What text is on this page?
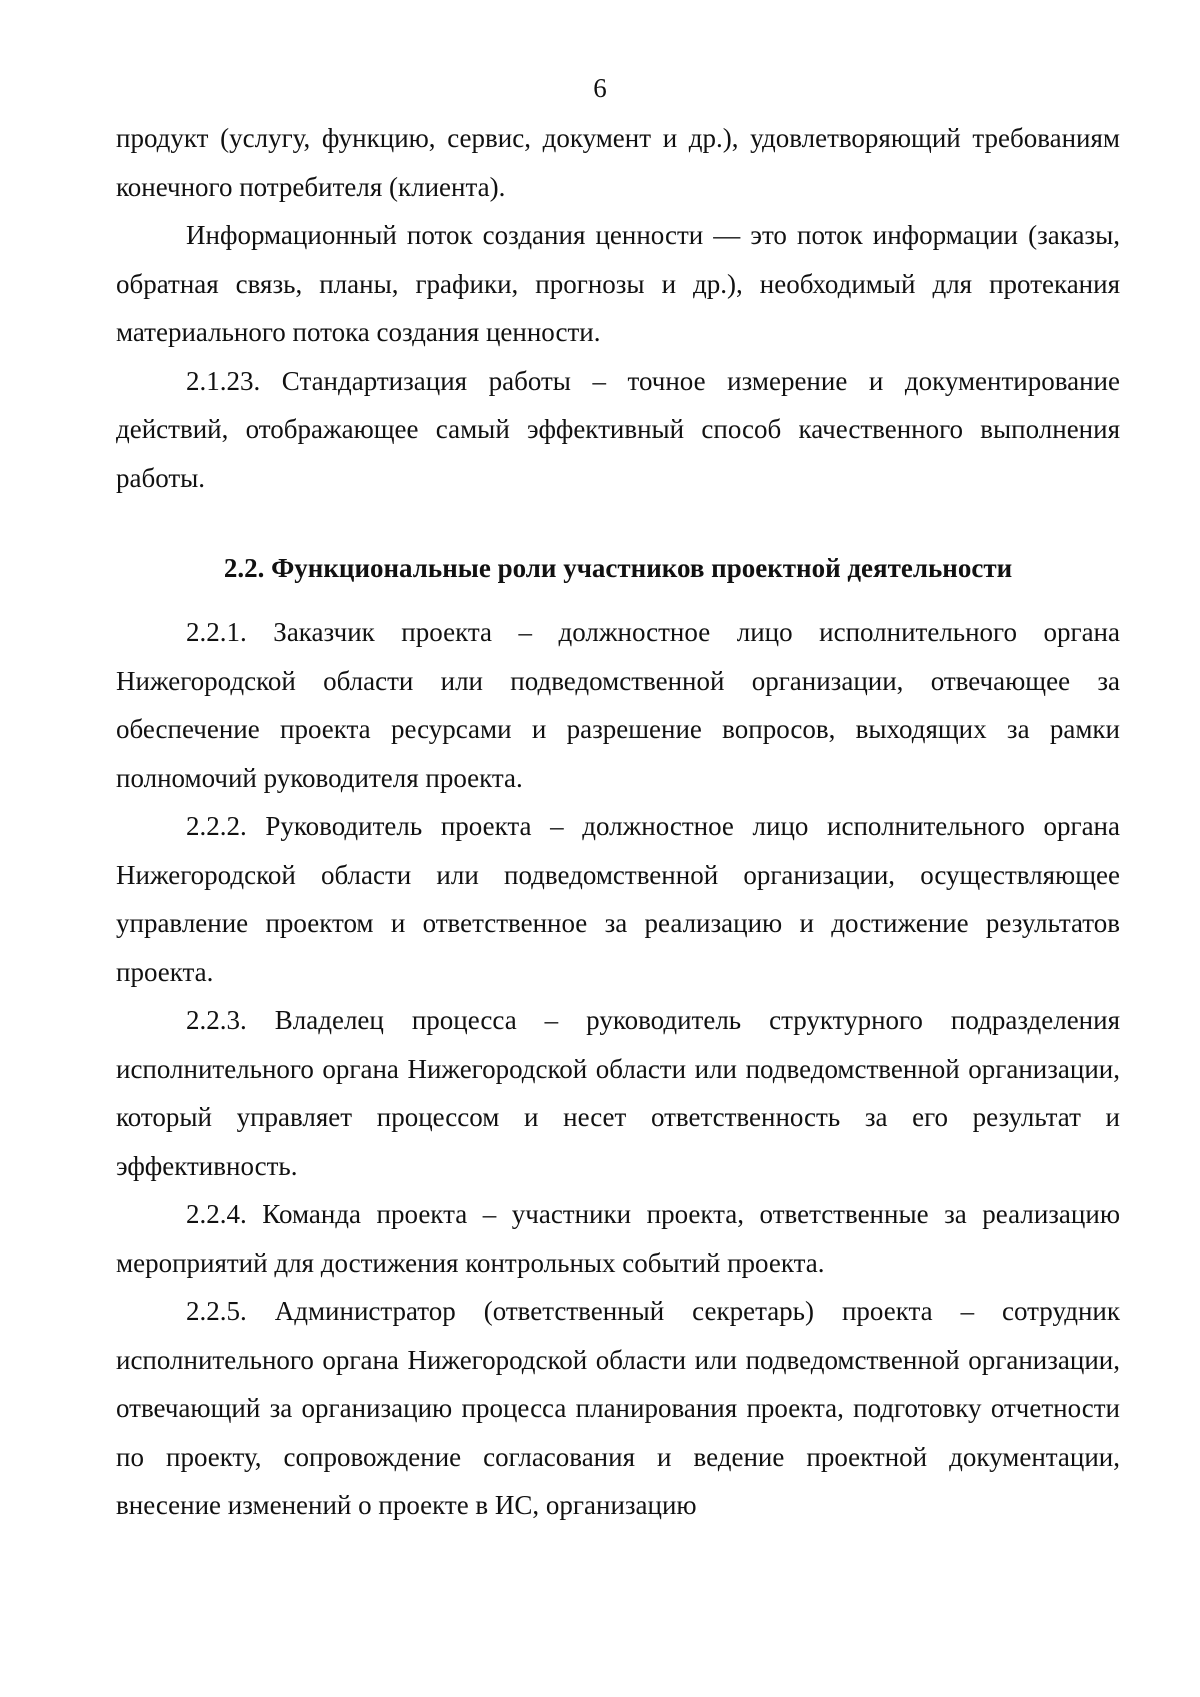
6

продукт (услугу, функцию, сервис, документ и др.), удовлетворяющий требованиям конечного потребителя (клиента).

Информационный поток создания ценности — это поток информации (заказы, обратная связь, планы, графики, прогнозы и др.), необходимый для протекания материального потока создания ценности.

2.1.23. Стандартизация работы – точное измерение и документирование действий, отображающее самый эффективный способ качественного выполнения работы.

2.2. Функциональные роли участников проектной деятельности

2.2.1. Заказчик проекта – должностное лицо исполнительного органа Нижегородской области или подведомственной организации, отвечающее за обеспечение проекта ресурсами и разрешение вопросов, выходящих за рамки полномочий руководителя проекта.

2.2.2. Руководитель проекта – должностное лицо исполнительного органа Нижегородской области или подведомственной организации, осуществляющее управление проектом и ответственное за реализацию и достижение результатов проекта.

2.2.3. Владелец процесса – руководитель структурного подразделения исполнительного органа Нижегородской области или подведомственной организации, который управляет процессом и несет ответственность за его результат и эффективность.

2.2.4. Команда проекта – участники проекта, ответственные за реализацию мероприятий для достижения контрольных событий проекта.

2.2.5. Администратор (ответственный секретарь) проекта – сотрудник исполнительного органа Нижегородской области или подведомственной организации, отвечающий за организацию процесса планирования проекта, подготовку отчетности по проекту, сопровождение согласования и ведение проектной документации, внесение изменений о проекте в ИС, организацию
